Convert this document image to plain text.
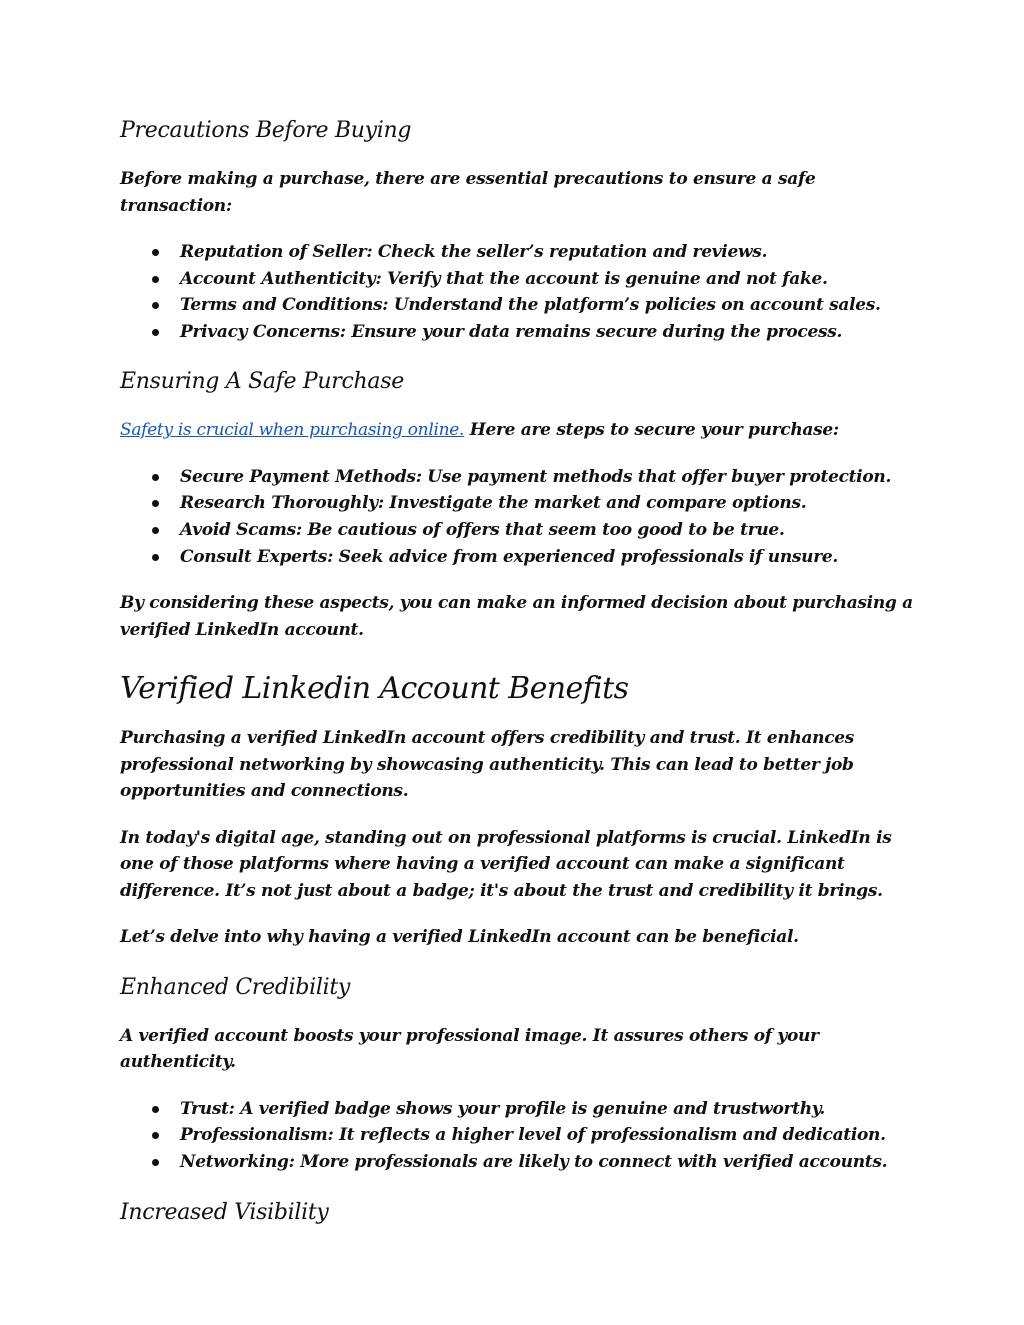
Precautions Before Buying

Before making a purchase, there are essential precautions to ensure a safe transaction:

Reputation of Seller: Check the seller’s reputation and reviews.
Account Authenticity: Verify that the account is genuine and not fake.
Terms and Conditions: Understand the platform’s policies on account sales.
Privacy Concerns: Ensure your data remains secure during the process.
Ensuring A Safe Purchase

Safety is crucial when purchasing online. Here are steps to secure your purchase:

Secure Payment Methods: Use payment methods that offer buyer protection.
Research Thoroughly: Investigate the market and compare options.
Avoid Scams: Be cautious of offers that seem too good to be true.
Consult Experts: Seek advice from experienced professionals if unsure.

By considering these aspects, you can make an informed decision about purchasing a verified LinkedIn account.

Verified Linkedin Account Benefits

Purchasing a verified LinkedIn account offers credibility and trust. It enhances professional networking by showcasing authenticity. This can lead to better job opportunities and connections.

In today's digital age, standing out on professional platforms is crucial. LinkedIn is one of those platforms where having a verified account can make a significant difference. It’s not just about a badge; it's about the trust and credibility it brings.

Let’s delve into why having a verified LinkedIn account can be beneficial.

Enhanced Credibility

A verified account boosts your professional image. It assures others of your authenticity.

Trust: A verified badge shows your profile is genuine and trustworthy.
Professionalism: It reflects a higher level of professionalism and dedication.
Networking: More professionals are likely to connect with verified accounts.
Increased Visibility
